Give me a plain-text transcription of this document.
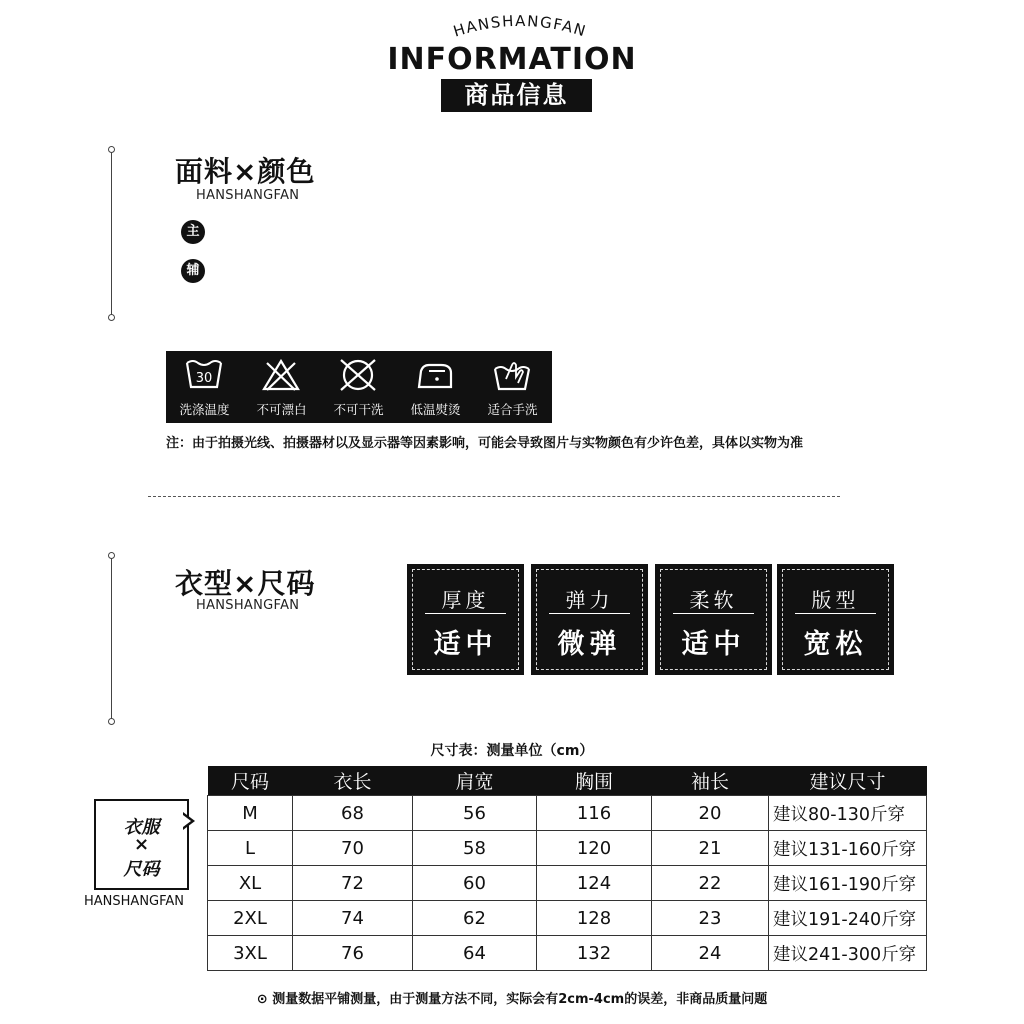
HANSHANGFAN
INFORMATION
商品信息
面料×颜色
HANSHANGFAN
主
辅
30
洗涤温度	不可漂白	不可干洗	低温熨烫	适合手洗
注：由于拍摄光线、拍摄器材以及显示器等因素影响，可能会导致图片与实物颜色有少许色差，具体以实物为准
衣型×尺码
HANSHANGFAN	厚度
适中
弹力
微弹
柔软
适中
版型
宽松
尺寸表：测量单位（cm）
尺码	衣长	肩宽	胸围	袖长	建议尺寸
M	68	56	116	20	建议80-130斤穿
L	70	58	120	21	建议131-160斤穿
XL	72	60	124	22	建议161-190斤穿
2XL	74	62	128	23	建议191-240斤穿
3XL	76	64	132	24	建议241-300斤穿
衣服
×
尺码
HANSHANGFAN
⊙ 测量数据平铺测量，由于测量方法不同，实际会有2cm-4cm的误差，非商品质量问题
